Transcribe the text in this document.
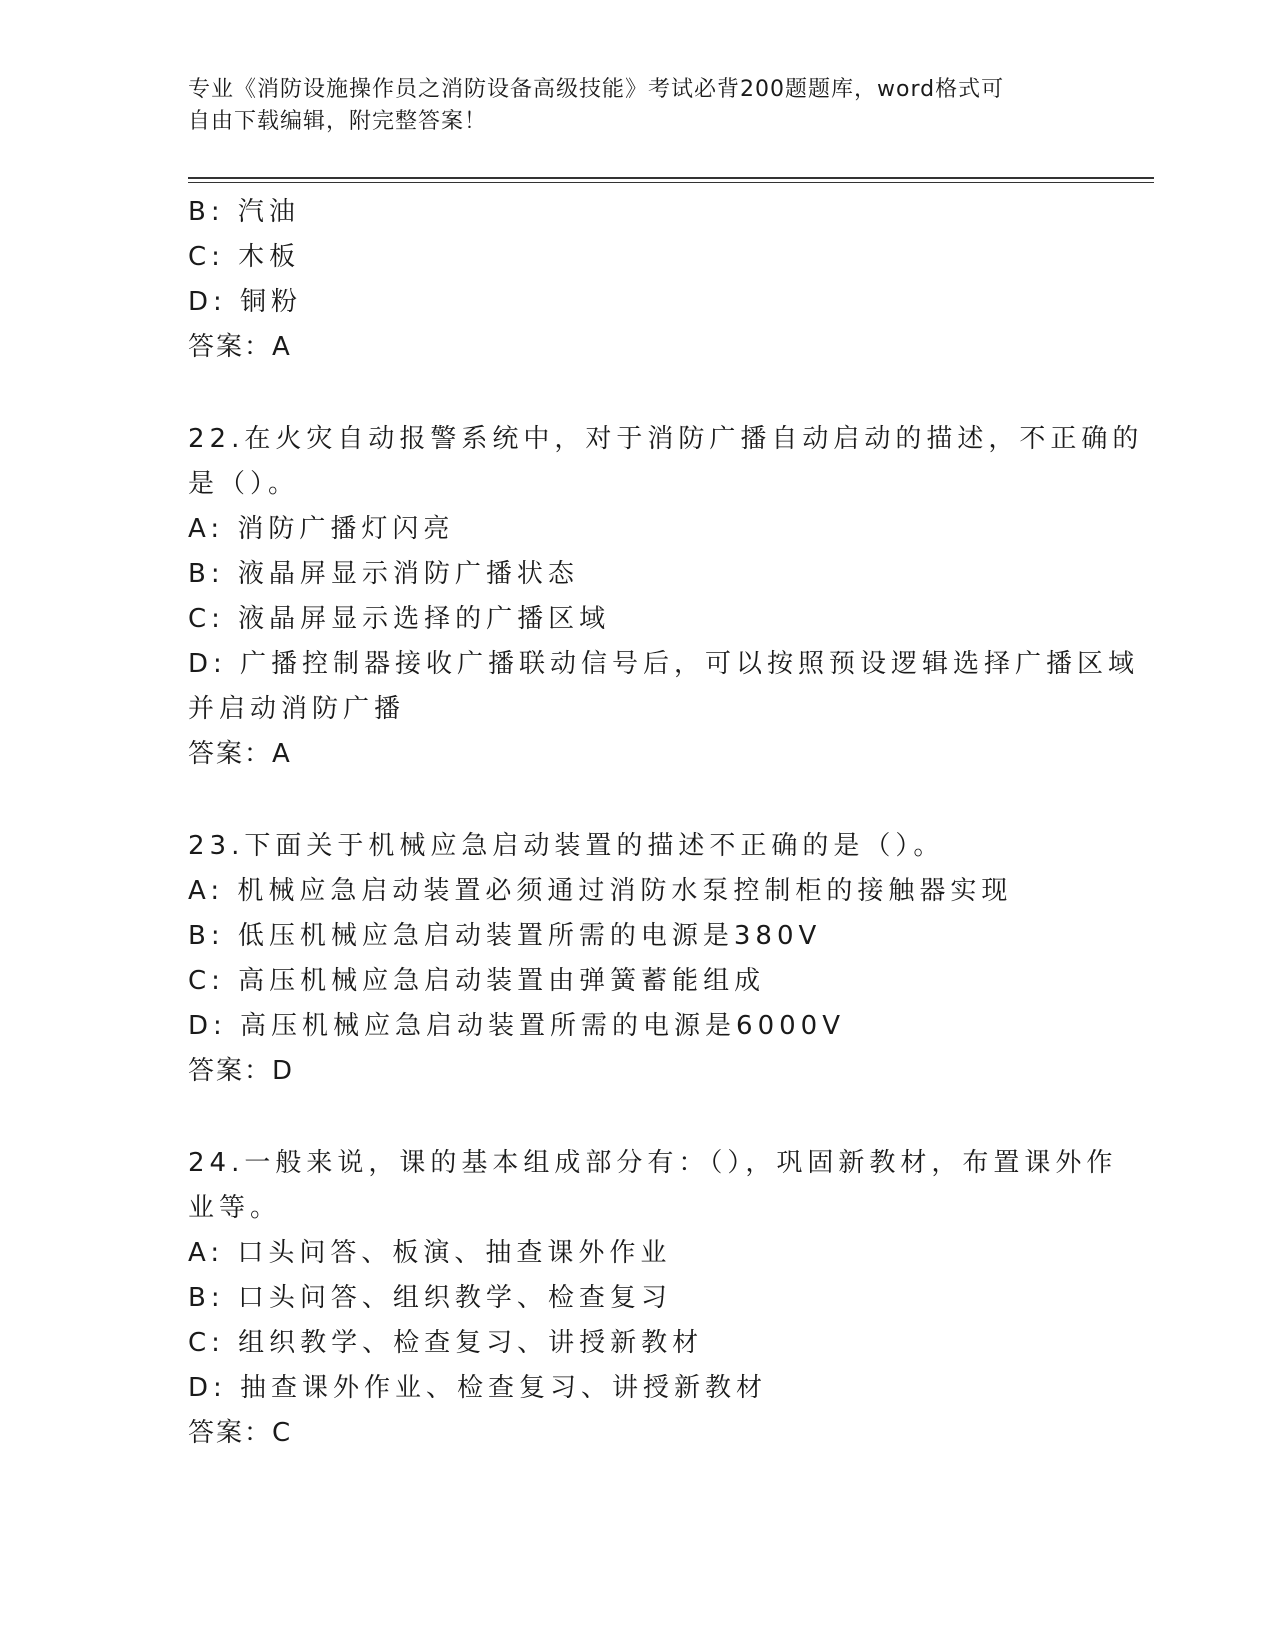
专业《消防设施操作员之消防设备高级技能》考试必背200题题库，word格式可
自由下载编辑，附完整答案！
B: 汽油
C: 木板
D: 铜粉
答案：A
22.在火灾自动报警系统中，对于消防广播自动启动的描述，不正确的
是（）。
A: 消防广播灯闪亮
B: 液晶屏显示消防广播状态
C: 液晶屏显示选择的广播区域
D: 广播控制器接收广播联动信号后，可以按照预设逻辑选择广播区域
并启动消防广播
答案：A
23.下面关于机械应急启动装置的描述不正确的是（）。
A: 机械应急启动装置必须通过消防水泵控制柜的接触器实现
B: 低压机械应急启动装置所需的电源是380V
C: 高压机械应急启动装置由弹簧蓄能组成
D: 高压机械应急启动装置所需的电源是6000V
答案：D
24.一般来说，课的基本组成部分有：（），巩固新教材，布置课外作
业等。
A: 口头问答、板演、抽查课外作业
B: 口头问答、组织教学、检查复习
C: 组织教学、检查复习、讲授新教材
D: 抽查课外作业、检查复习、讲授新教材
答案：C
